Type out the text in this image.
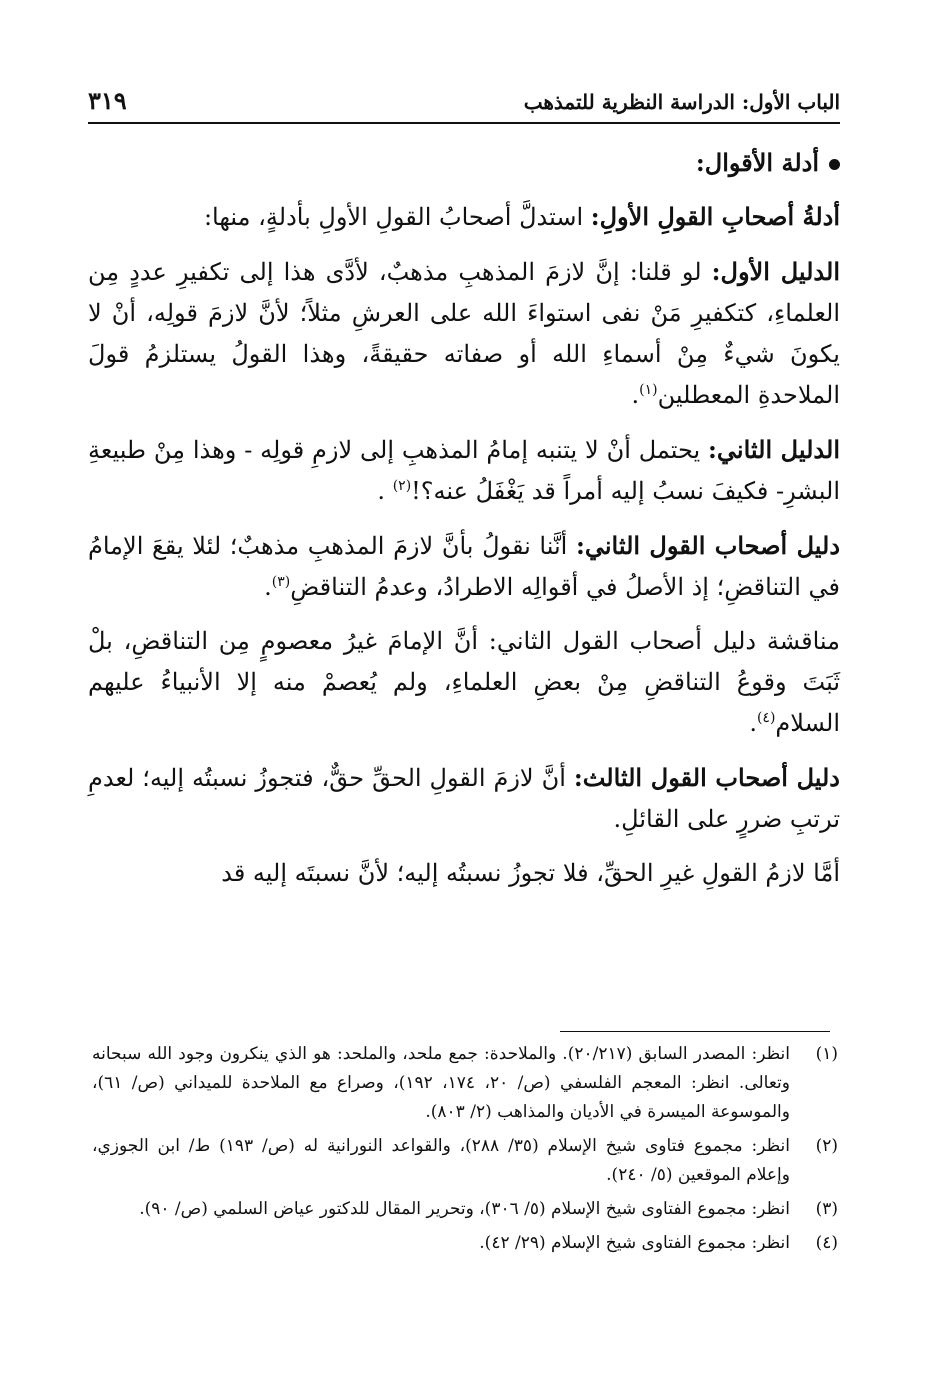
الباب الأول: الدراسة النظرية للتمذهب
٣١٩

أدلة الأقوال:

أدلةُ أصحابِ القولِ الأولِ: استدلَّ أصحابُ القولِ الأولِ بأدلةٍ، منها:

الدليل الأول: لو قلنا: إنَّ لازمَ المذهبِ مذهبٌ، لأدَّى هذا إلى تكفيرِ عددٍ مِن العلماءِ، كتكفيرِ مَنْ نفى استواءَ الله على العرشِ مثلاً؛ لأنَّ لازمَ قولِه، أنْ لا يكونَ شيءٌ مِنْ أسماءِ الله أو صفاته حقيقةً، وهذا القولُ يستلزمُ قولَ الملاحدةِ المعطلين$^{(١)}$.

الدليل الثاني: يحتمل أنْ لا يتنبه إمامُ المذهبِ إلى لازمِ قولِه - وهذا مِنْ طبيعةِ البشرِ- فكيفَ نسبُ إليه أمراً قد يَغْفَلُ عنه؟!$^{(٢)}$ .

دليل أصحاب القول الثاني: أنَّنا نقولُ بأنَّ لازمَ المذهبِ مذهبٌ؛ لئلا يقعَ الإمامُ في التناقضِ؛ إذ الأصلُ في أقوالِه الاطرادُ، وعدمُ التناقضِ$^{(٣)}$.

مناقشة دليل أصحاب القول الثاني: أنَّ الإمامَ غيرُ معصومٍ مِن التناقضِ، بلْ ثَبَتَ وقوعُ التناقضِ مِنْ بعضِ العلماءِ، ولم يُعصمْ منه إلا الأنبياءُ عليهم السلام$^{(٤)}$.

دليل أصحاب القول الثالث: أنَّ لازمَ القولِ الحقِّ حقٌّ، فتجوزُ نسبتُه إليه؛ لعدمِ ترتبِ ضررٍ على القائلِ.

أمَّا لازمُ القولِ غيرِ الحقِّ، فلا تجوزُ نسبتُه إليه؛ لأنَّ نسبتَه إليه قد

(١)
انظر: المصدر السابق (٢٠/٢١٧). والملاحدة: جمع ملحد، والملحد: هو الذي ينكرون وجود الله سبحانه وتعالى. انظر: المعجم الفلسفي (ص/ ٢٠، ١٧٤، ١٩٢)، وصراع مع الملاحدة للميداني (ص/ ٦١)، والموسوعة الميسرة في الأديان والمذاهب (٢/ ٨٠٣).
(٢)
انظر: مجموع فتاوى شيخ الإسلام (٣٥/ ٢٨٨)، والقواعد النورانية له (ص/ ١٩٣) ط/ ابن الجوزي، وإعلام الموقعين (٥/ ٢٤٠).
(٣)
انظر: مجموع الفتاوى شيخ الإسلام (٥/ ٣٠٦)، وتحرير المقال للدكتور عياض السلمي (ص/ ٩٠).
(٤)
انظر: مجموع الفتاوى شيخ الإسلام (٢٩/ ٤٢).
